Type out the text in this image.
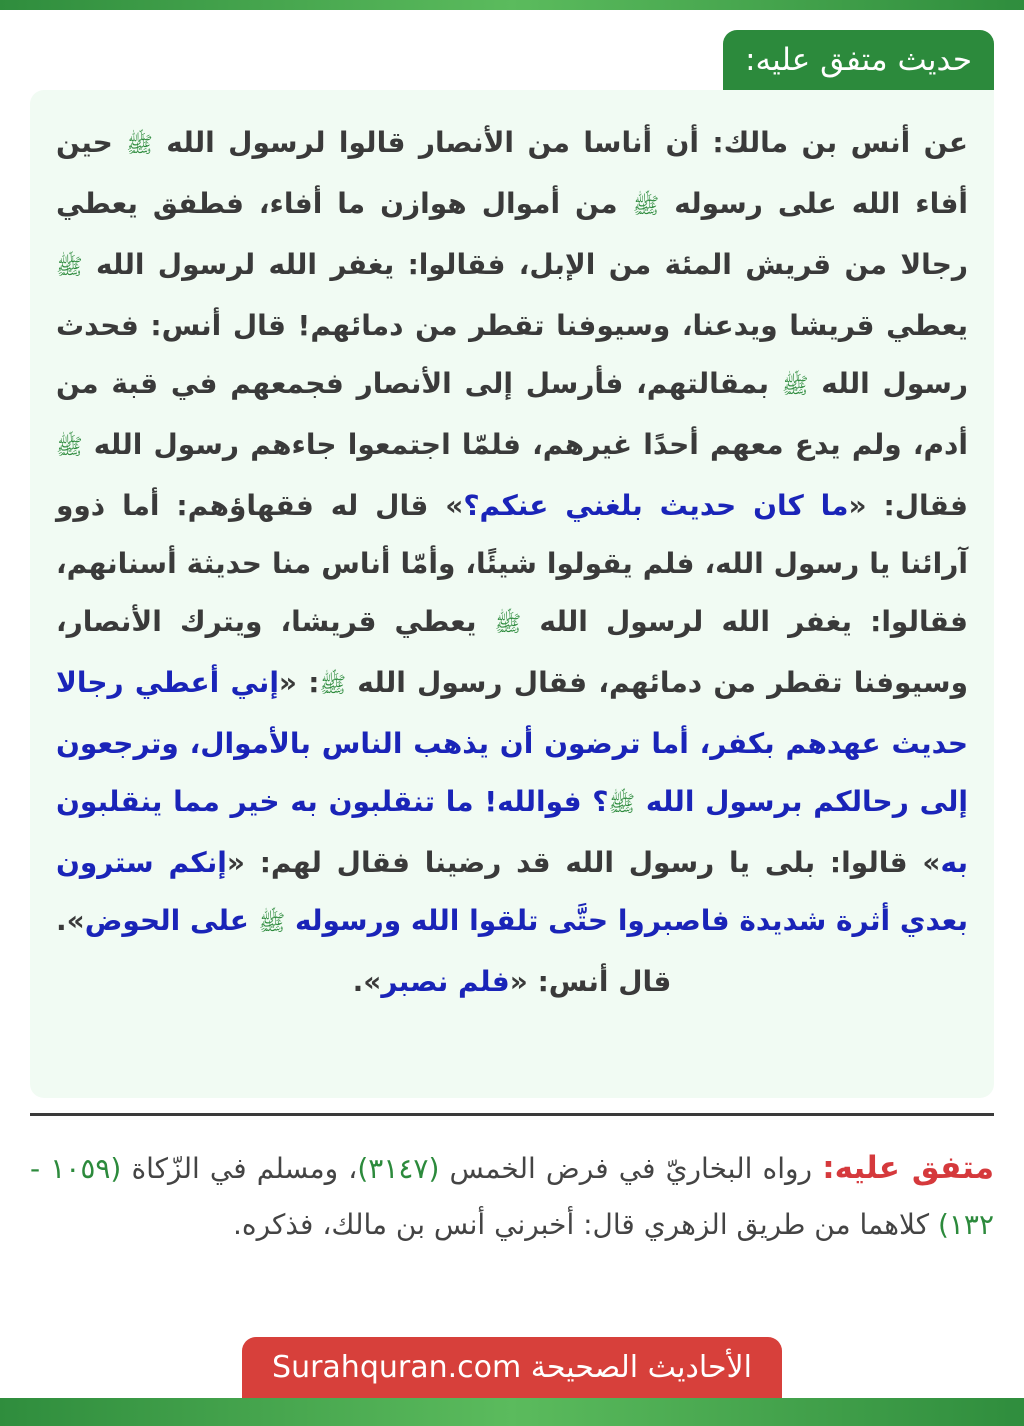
حديث متفق عليه:
عن أنس بن مالك: أن أناسا من الأنصار قالوا لرسول الله ﷺ حين أفاء الله على رسوله ﷺ من أموال هوازن ما أفاء، فطفق يعطي رجالا من قريش المئة من الإبل، فقالوا: يغفر الله لرسول الله ﷺ يعطي قريشا ويدعنا، وسيوفنا تقطر من دمائهم! قال أنس: فحدث رسول الله ﷺ بمقالتهم، فأرسل إلى الأنصار فجمعهم في قبة من أدم، ولم يدع معهم أحدًا غيرهم، فلمّا اجتمعوا جاءهم رسول الله ﷺ فقال: «ما كان حديث بلغني عنكم؟» قال له فقهاؤهم: أما ذوو آرائنا يا رسول الله، فلم يقولوا شيئًا، وأمّا أناس منا حديثة أسنانهم، فقالوا: يغفر الله لرسول الله ﷺ يعطي قريشا، ويترك الأنصار، وسيوفنا تقطر من دمائهم، فقال رسول الله ﷺ: «إني أعطي رجالا حديث عهدهم بكفر، أما ترضون أن يذهب الناس بالأموال، وترجعون إلى رحالكم برسول الله ﷺ؟ فوالله! ما تنقلبون به خير مما ينقلبون به» قالوا: بلى يا رسول الله قد رضينا فقال لهم: «إنكم سترون بعدي أثرة شديدة فاصبروا حتَّى تلقوا الله ورسوله ﷺ على الحوض». قال أنس: «فلم نصبر».
متفق عليه: رواه البخاريّ في فرض الخمس (٣١٤٧)، ومسلم في الزّكاة (١٠٥٩ - ١٣٢) كلاهما من طريق الزهري قال: أخبرني أنس بن مالك، فذكره.
الأحاديث الصحيحة Surahquran.com
